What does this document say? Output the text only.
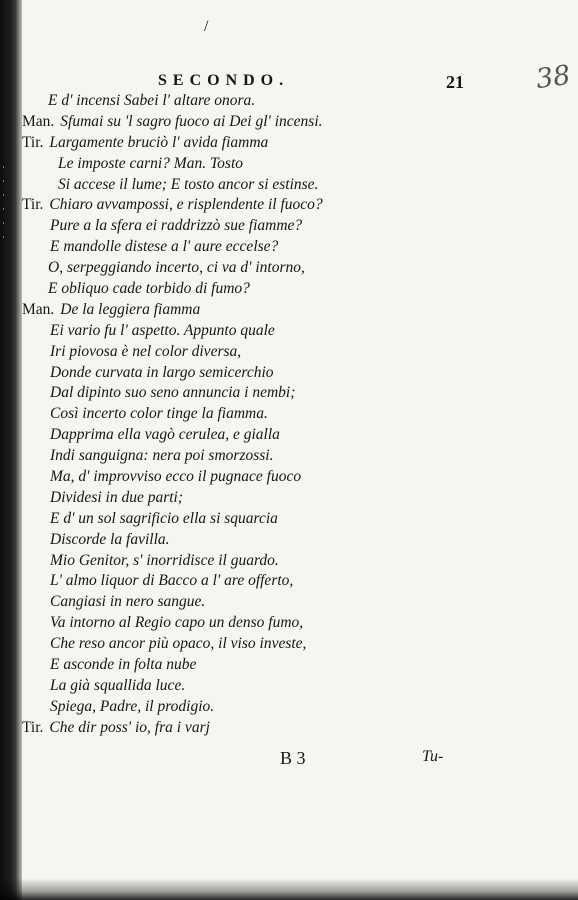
·
·
·
·
·
·
/
SECONDO.	21	38
E d' incensi Sabei l' altare onora.
Man. Sfumai su 'l sagro fuoco ai Dei gl' incensi.
Tir. Largamente bruciò l' avida fiamma
Le imposte carni? Man. Tosto
Si accese il lume; E tosto ancor si estinse.
Tir. Chiaro avvampossi, e risplendente il fuoco?
Pure a la sfera ei raddrizzò sue fiamme?
E mandolle distese a l' aure eccelse?
O, serpeggiando incerto, ci va d' intorno,
E obliquo cade torbido di fumo?
Man. De la leggiera fiamma
Ei vario fu l' aspetto. Appunto quale
Iri piovosa è nel color diversa,
Donde curvata in largo semicerchio
Dal dipinto suo seno annuncia i nembi;
Così incerto color tinge la fiamma.
Dapprima ella vagò cerulea, e gialla
Indi sanguigna: nera poi smorzossi.
Ma, d' improvviso ecco il pugnace fuoco
Dividesi in due parti;
E d' un sol sagrificio ella si squarcia
Discorde la favilla.
Mio Genitor, s' inorridisce il guardo.
L' almo liquor di Bacco a l' are offerto,
Cangiasi in nero sangue.
Va intorno al Regio capo un denso fumo,
Che reso ancor più opaco, il viso investe,
E asconde in folta nube
La già squallida luce.
Spiega, Padre, il prodigio.
Tir. Che dir poss' io, fra i varj
B 3	Tu-
